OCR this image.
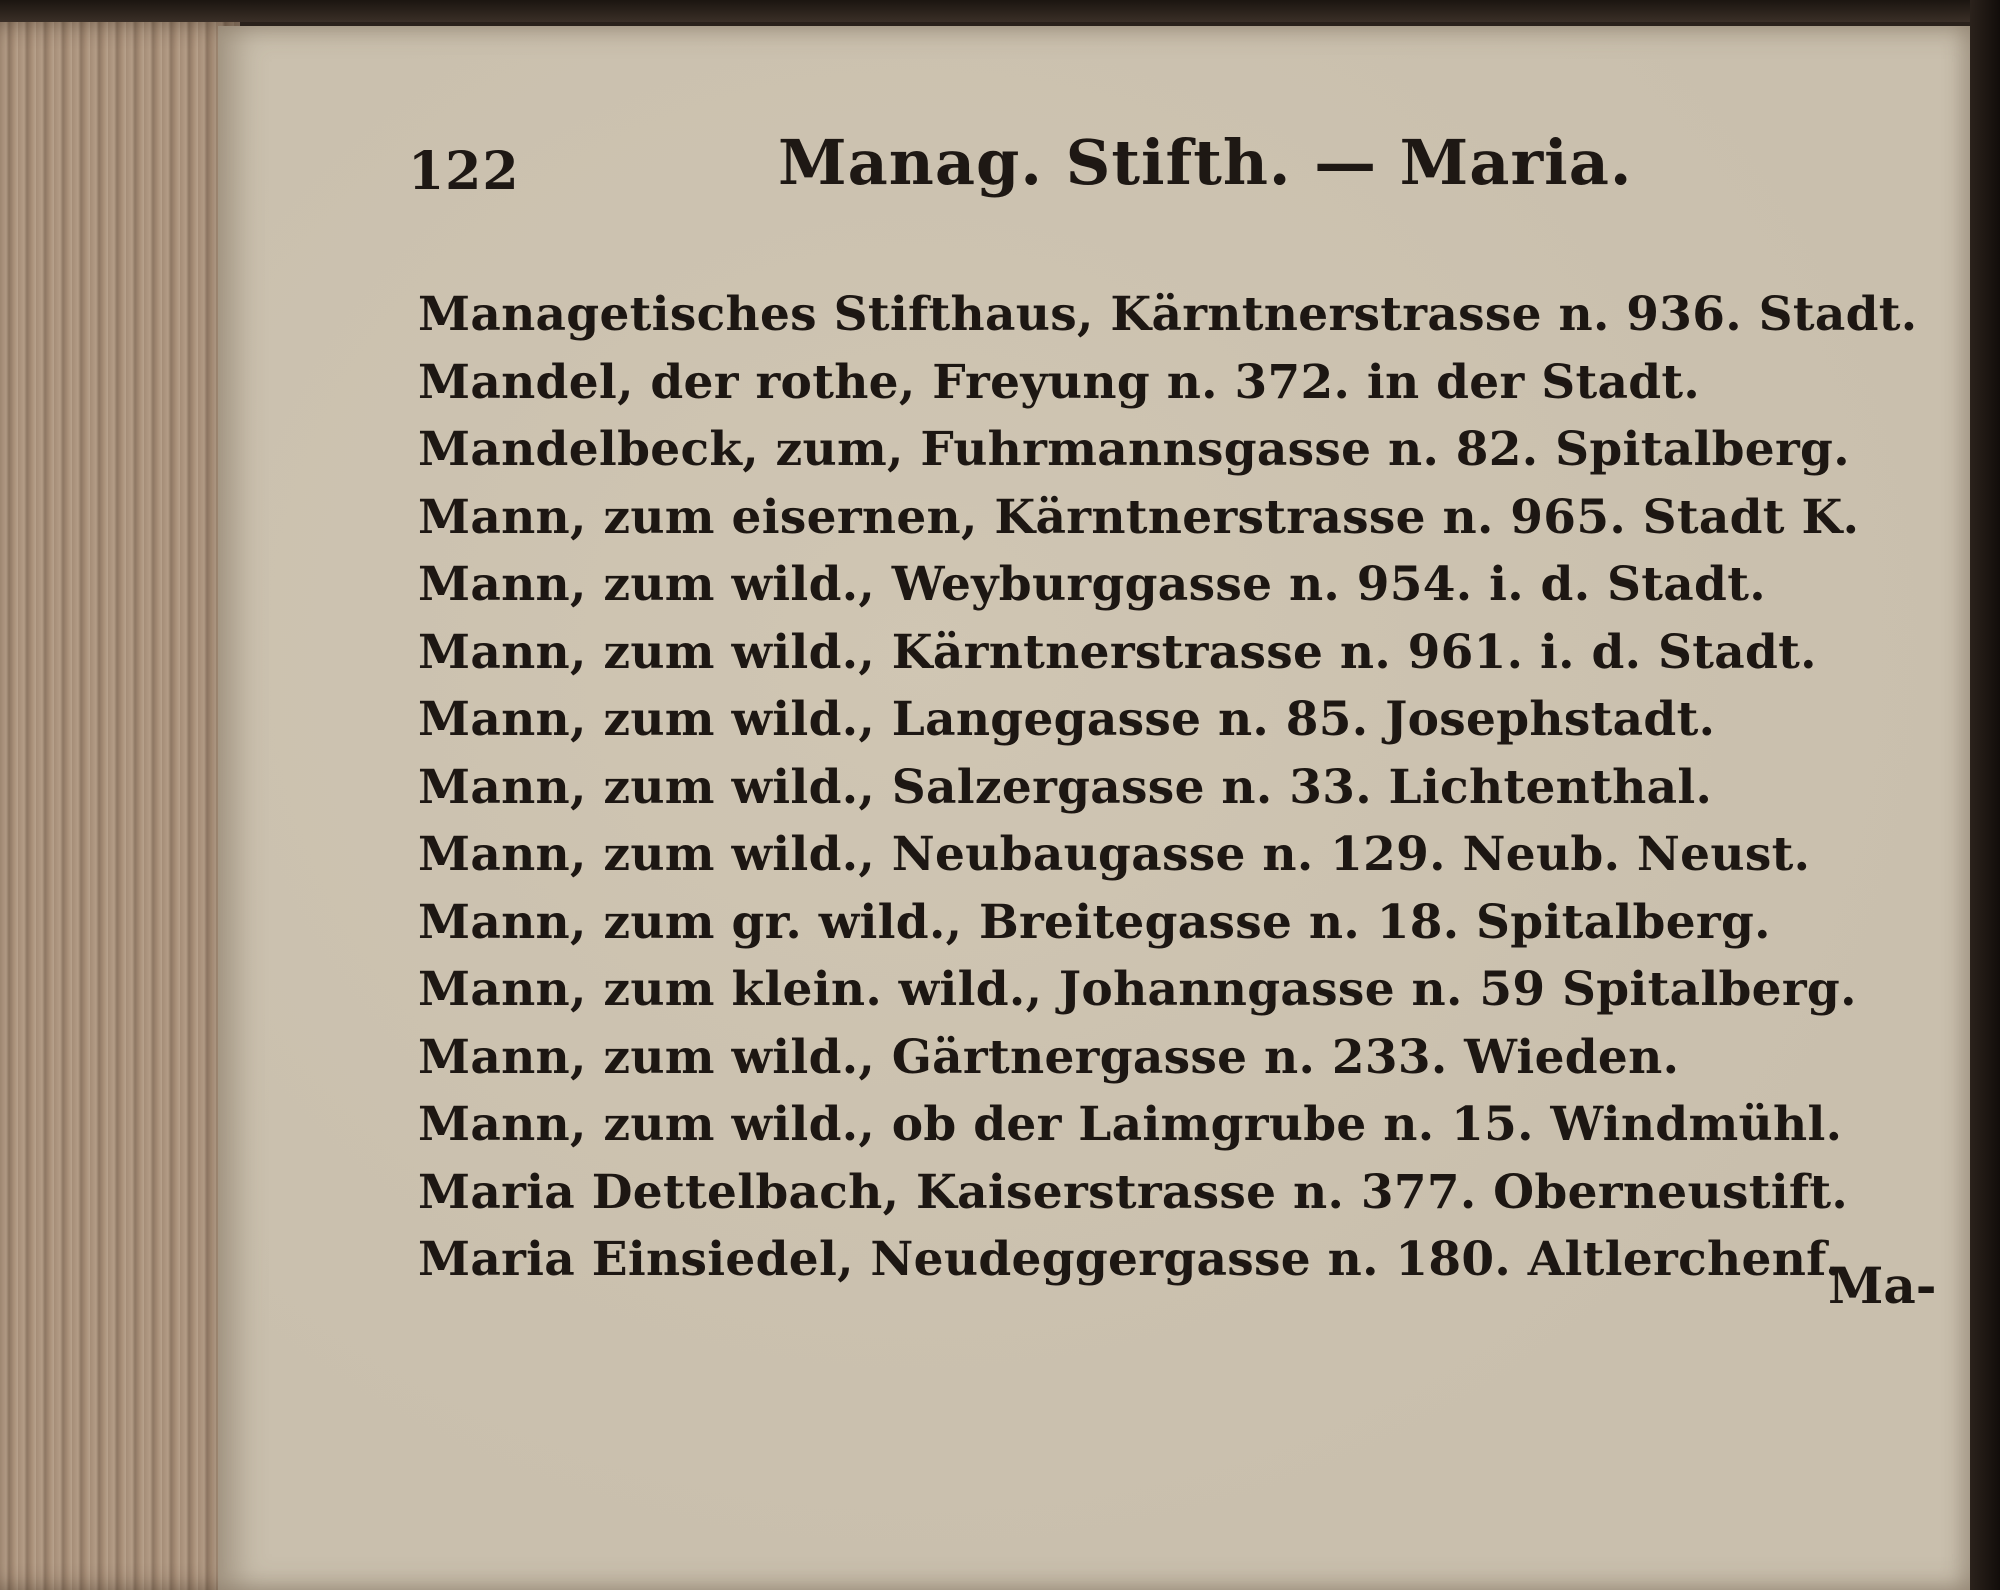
122	Manag. Stifth. — Maria.
Managetisches Stifthaus, Kärntnerstrasse n. 936. Stadt.
Mandel, der rothe, Freyung n. 372. in der Stadt.
Mandelbeck, zum, Fuhrmannsgasse n. 82. Spitalberg.
Mann, zum eisernen, Kärntnerstrasse n. 965. Stadt K.
Mann, zum wild., Weyburggasse n. 954. i. d. Stadt.
Mann, zum wild., Kärntnerstrasse n. 961. i. d. Stadt.
Mann, zum wild., Langegasse n. 85. Josephstadt.
Mann, zum wild., Salzergasse n. 33. Lichtenthal.
Mann, zum wild., Neubaugasse n. 129. Neub. Neust.
Mann, zum gr. wild., Breitegasse n. 18. Spitalberg.
Mann, zum klein. wild., Johanngasse n. 59 Spitalberg.
Mann, zum wild., Gärtnergasse n. 233. Wieden.
Mann, zum wild., ob der Laimgrube n. 15. Windmühl.
Maria Dettelbach, Kaiserstrasse n. 377. Oberneustift.
Maria Einsiedel, Neudeggergasse n. 180. Altlerchenf.
Ma-
